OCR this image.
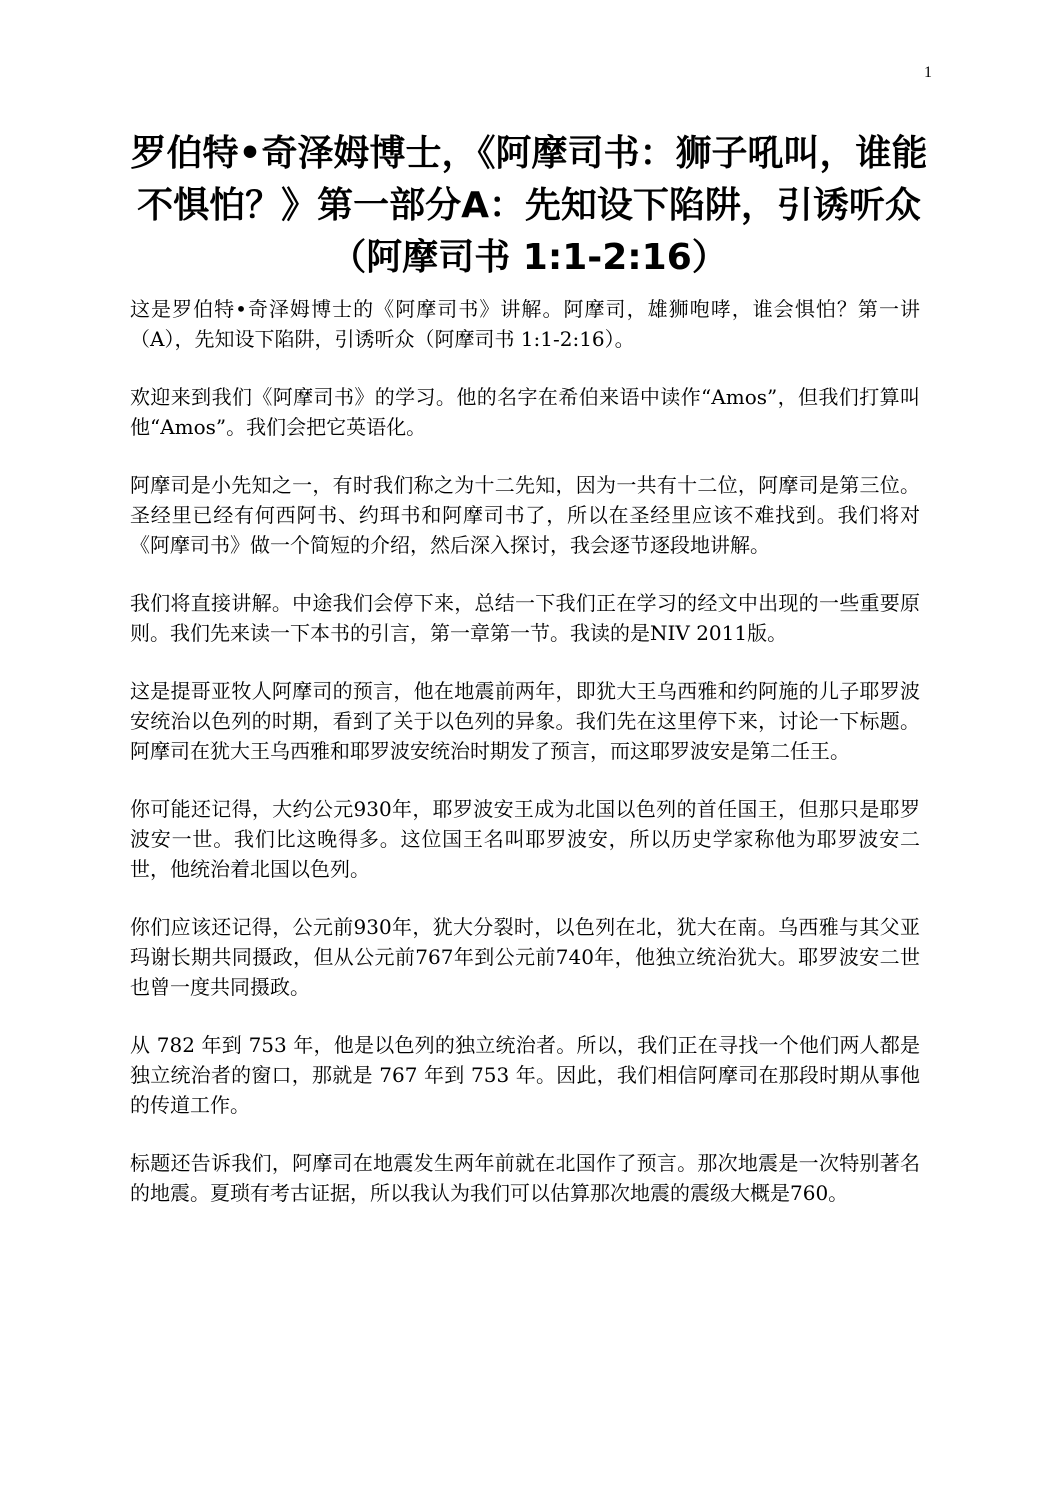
1
罗伯特•奇泽姆博士，《阿摩司书：狮子吼叫，谁能不惧怕？》第一部分A：先知设下陷阱，引诱听众（阿摩司书 1:1-2:16）

这是罗伯特•奇泽姆博士的《阿摩司书》讲解。阿摩司，雄狮咆哮，谁会惧怕？第一讲（A），先知设下陷阱，引诱听众（阿摩司书 1:1-2:16）。

欢迎来到我们《阿摩司书》的学习。他的名字在希伯来语中读作“Amos”，但我们打算叫他“Amos”。我们会把它英语化。

阿摩司是小先知之一，有时我们称之为十二先知，因为一共有十二位，阿摩司是第三位。圣经里已经有何西阿书、约珥书和阿摩司书了，所以在圣经里应该不难找到。我们将对《阿摩司书》做一个简短的介绍，然后深入探讨，我会逐节逐段地讲解。

我们将直接讲解。中途我们会停下来，总结一下我们正在学习的经文中出现的一些重要原则。我们先来读一下本书的引言，第一章第一节。我读的是NIV 2011版。

这是提哥亚牧人阿摩司的预言，他在地震前两年，即犹大王乌西雅和约阿施的儿子耶罗波安统治以色列的时期，看到了关于以色列的异象。我们先在这里停下来，讨论一下标题。阿摩司在犹大王乌西雅和耶罗波安统治时期发了预言，而这耶罗波安是第二任王。

你可能还记得，大约公元930年，耶罗波安王成为北国以色列的首任国王，但那只是耶罗波安一世。我们比这晚得多。这位国王名叫耶罗波安，所以历史学家称他为耶罗波安二世，他统治着北国以色列。

你们应该还记得，公元前930年，犹大分裂时，以色列在北，犹大在南。乌西雅与其父亚玛谢长期共同摄政，但从公元前767年到公元前740年，他独立统治犹大。耶罗波安二世也曾一度共同摄政。

从 782 年到 753 年，他是以色列的独立统治者。所以，我们正在寻找一个他们两人都是独立统治者的窗口，那就是 767 年到 753 年。因此，我们相信阿摩司在那段时期从事他的传道工作。

标题还告诉我们，阿摩司在地震发生两年前就在北国作了预言。那次地震是一次特别著名的地震。夏琐有考古证据，所以我认为我们可以估算那次地震的震级大概是760。
